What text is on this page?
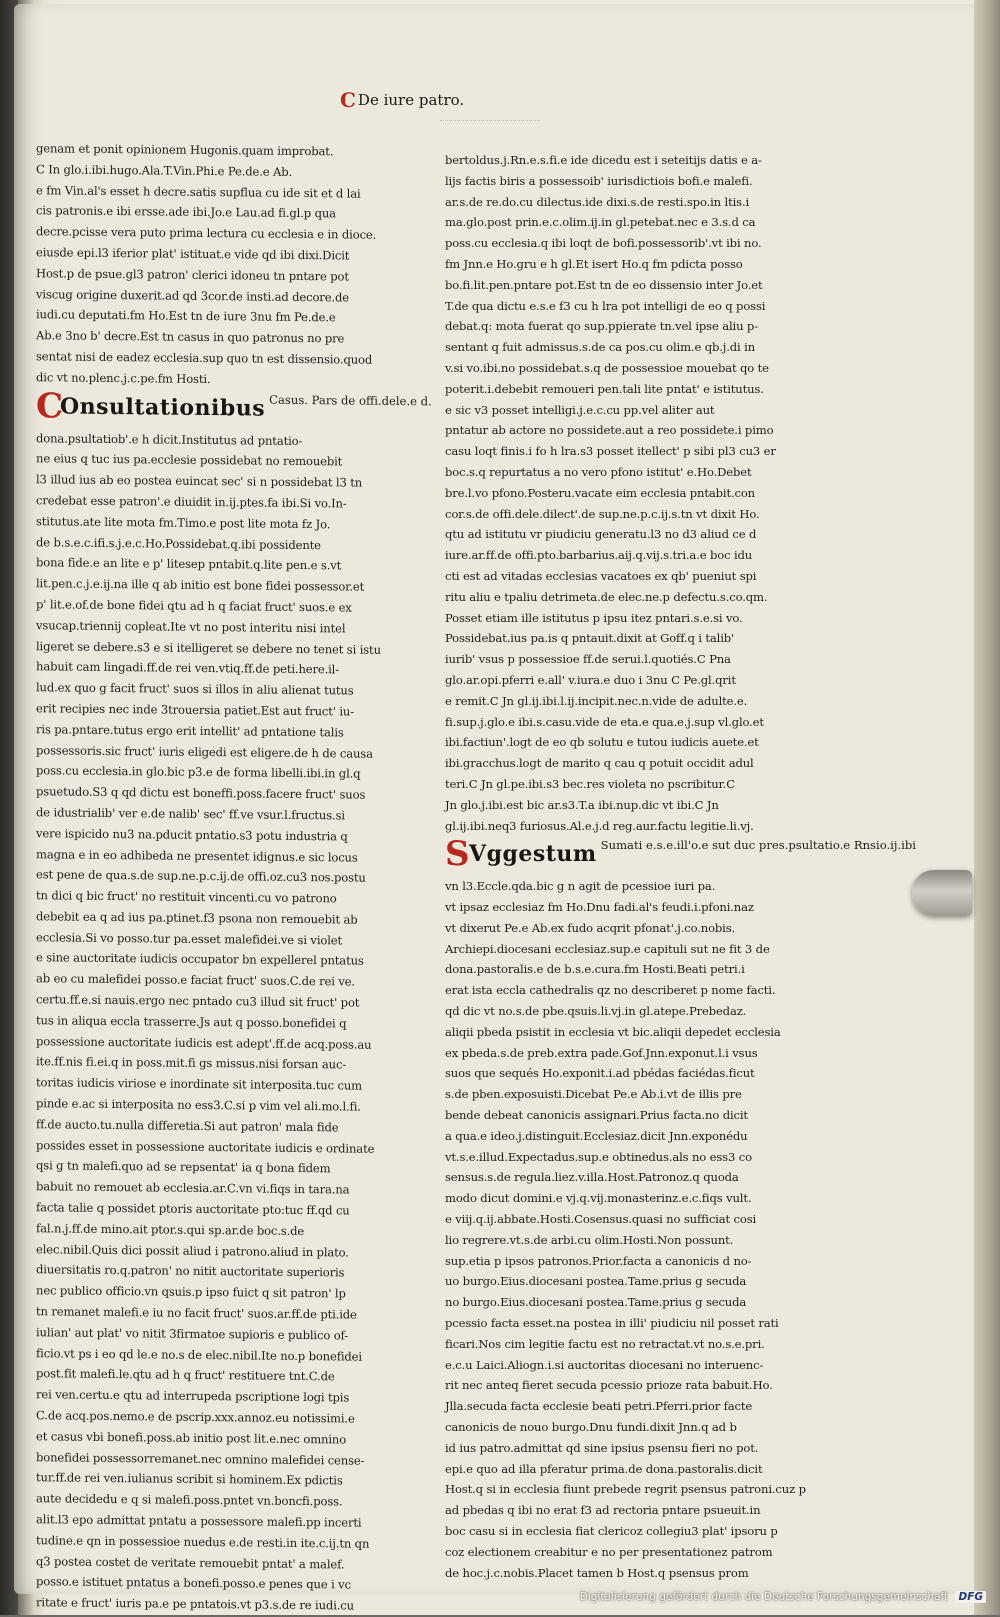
C De iure patro.
genam et ponit opinionem Hugonis.quam improbat.
C In glo.i.ibi.hugo.Ala.T.Vin.Phi.e Pe.de.e Ab.
e fm Vin.al's esset h decre.satis supflua cu ide sit et d lai
cis patronis.e ibi ersse.ade ibi.Jo.e Lau.ad fi.gl.p qua
decre.pcisse vera puto prima lectura cu ecclesia e in dioce.
eiusde epi.l3 iferior plat' istituat.e vide qd ibi dixi.Dicit
Host.p de psue.gl3 patron' clerici idoneu tn pntare pot
viscug origine duxerit.ad qd 3cor.de insti.ad decore.de
iudi.cu deputati.fm Ho.Est tn de iure 3nu fm Pe.de.e
Ab.e 3no b' decre.Est tn casus in quo patronus no pre
sentat nisi de eadez ecclesia.sup quo tn est dissensio.quod
dic vt no.plenc.j.c.pe.fm Hosti.
COnsultationibus Casus. Pars de offi.dele.e d.
dona.psultatiob'.e h dicit.Institutus ad pntatio-
ne eius q tuc ius pa.ecclesie possidebat no remouebit
l3 illud ius ab eo postea euincat sec' si n possidebat l3 tn
credebat esse patron'.e diuidit in.ij.ptes.fa ibi.Si vo.In-
stitutus.ate lite mota fm.Timo.e post lite mota fz Jo.
de b.s.e.c.ifi.s.j.e.c.Ho.Possidebat.q.ibi possidente
bona fide.e an lite e p' litesep pntabit.q.lite pen.e s.vt
lit.pen.c.j.e.ij.na ille q ab initio est bone fidei possessor.et
p' lit.e.of.de bone fidei qtu ad h q faciat fruct' suos.e ex
vsucap.triennij copleat.Ite vt no post interitu nisi intel
ligeret se debere.s3 e si itelligeret se debere no tenet si istu
habuit cam lingadi.ff.de rei ven.vtiq.ff.de peti.here.il-
lud.ex quo g facit fruct' suos si illos in aliu alienat tutus
erit recipies nec inde 3trouersia patiet.Est aut fruct' iu-
ris pa.pntare.tutus ergo erit intellit' ad pntatione talis
possessoris.sic fruct' iuris eligedi est eligere.de h de causa
poss.cu ecclesia.in glo.bic p3.e de forma libelli.ibi.in gl.q
psuetudo.S3 q qd dictu est boneffi.poss.facere fruct' suos
de idustrialib' ver e.de nalib' sec' ff.ve vsur.l.fructus.si
vere ispicido nu3 na.pducit pntatio.s3 potu industria q
magna e in eo adhibeda ne presentet idignus.e sic locus
est pene de qua.s.de sup.ne.p.c.ij.de offi.oz.cu3 nos.postu
tn dici q bic fruct' no restituit vincenti.cu vo patrono
debebit ea q ad ius pa.ptinet.f3 psona non remouebit ab
ecclesia.Si vo posso.tur pa.esset malefidei.ve si violet
e sine auctoritate iudicis occupator bn expellerel pntatus
ab eo cu malefidei posso.e faciat fruct' suos.C.de rei ve.
certu.ff.e.si nauis.ergo nec pntado cu3 illud sit fruct' pot
tus in aliqua eccla trasserre.Js aut q posso.bonefidei q
possessione auctoritate iudicis est adept'.ff.de acq.poss.au
ite.ff.nis fi.ei.q in poss.mit.fi gs missus.nisi forsan auc-
toritas iudicis viriose e inordinate sit interposita.tuc cum
pinde e.ac si interposita no ess3.C.si p vim vel ali.mo.l.fi.
ff.de aucto.tu.nulla differetia.Si aut patron' mala fide
possides esset in possessione auctoritate iudicis e ordinate
qsi g tn malefi.quo ad se repsentat' ia q bona fidem
babuit no remouet ab ecclesia.ar.C.vn vi.fiqs in tara.na
facta talie q possidet ptoris auctoritate pto:tuc ff.qd cu
fal.n.j.ff.de mino.ait ptor.s.qui sp.ar.de boc.s.de
elec.nibil.Quis dici possit aliud i patrono.aliud in plato.
diuersitatis ro.q.patron' no nitit auctoritate superioris
nec publico officio.vn qsuis.p ipso fuict q sit patron' lp
tn remanet malefi.e iu no facit fruct' suos.ar.ff.de pti.ide
iulian' aut plat' vo nitit 3firmatoe supioris e publico of-
ficio.vt ps i eo qd le.e no.s de elec.nibil.Ite no.p bonefidei
post.fit malefi.le.qtu ad h q fruct' restituere tnt.C.de
rei ven.certu.e qtu ad interrupeda pscriptione logi tpis
C.de acq.pos.nemo.e de pscrip.xxx.annoz.eu notissimi.e
et casus vbi bonefi.poss.ab initio post lit.e.nec omnino
bonefidei possessorremanet.nec omnino malefidei cense-
tur.ff.de rei ven.iulianus scribit si hominem.Ex pdictis
aute decidedu e q si malefi.poss.pntet vn.boncfi.poss.
alit.l3 epo admittat pntatu a possessore malefi.pp incerti
tudine.e qn in possessioe nuedus e.de resti.in ite.c.ij.tn qn
q3 postea costet de veritate remouebit pntat' a malef.
posso.e istituet pntatus a bonefi.posso.e penes que i vc
ritate e fruct' iuris pa.e pe pntatois.vt p3.s.de re iudi.cu
bertoldus.j.Rn.e.s.fi.e ide dicedu est i seteitijs datis e a-
lijs factis biris a possessoib' iurisdictiois bofi.e malefi.
ar.s.de re.do.cu dilectus.ide dixi.s.de resti.spo.in ltis.i
ma.glo.post prin.e.c.olim.ij.in gl.petebat.nec e 3.s.d ca
poss.cu ecclesia.q ibi loqt de bofi.possessorib'.vt ibi no.
fm Jnn.e Ho.gru e h gl.Et isert Ho.q fm pdicta posso
bo.fi.lit.pen.pntare pot.Est tn de eo dissensio inter Jo.et
T.de qua dictu e.s.e f3 cu h lra pot intelligi de eo q possi
debat.q: mota fuerat qo sup.ppierate tn.vel ipse aliu p-
sentant q fuit admissus.s.de ca pos.cu olim.e qb.j.di in
v.si vo.ibi.no possidebat.s.q de possessioe mouebat qo te
poterit.i.debebit remoueri pen.tali lite pntat' e istitutus.
e sic v3 posset intelligi.j.e.c.cu pp.vel aliter aut
pntatur ab actore no possidete.aut a reo possidete.i pimo
casu loqt finis.i fo h lra.s3 posset itellect' p sibi pl3 cu3 er
boc.s.q repurtatus a no vero pfono istitut' e.Ho.Debet
bre.l.vo pfono.Posteru.vacate eim ecclesia pntabit.con
cor.s.de offi.dele.dilect'.de sup.ne.p.c.ij.s.tn vt dixit Ho.
qtu ad istitutu vr piudiciu generatu.l3 no d3 aliud ce d
iure.ar.ff.de offi.pto.barbarius.aij.q.vij.s.tri.a.e boc idu
cti est ad vitadas ecclesias vacatoes ex qb' pueniut spi
ritu aliu e tpaliu detrimeta.de elec.ne.p defectu.s.co.qm.
Posset etiam ille istitutus p ipsu itez pntari.s.e.si vo.
Possidebat.ius pa.is q pntauit.dixit at Goff.q i talib'
iurib' vsus p possessioe ff.de serui.l.quotiés.C Pna
glo.ar.opi.pferri e.all' v.iura.e duo i 3nu C Pe.gl.qrit
e remit.C Jn gl.ij.ibi.l.ij.incipit.nec.n.vide de adulte.e.
fi.sup.j.glo.e ibi.s.casu.vide de eta.e qua.e.j.sup vl.glo.et
ibi.factiun'.logt de eo qb solutu e tutou iudicis auete.et
ibi.gracchus.logt de marito q cau q potuit occidit adul
teri.C Jn gl.pe.ibi.s3 bec.res violeta no pscribitur.C
Jn glo.j.ibi.est bic ar.s3.T.a ibi.nup.dic vt ibi.C Jn
gl.ij.ibi.neq3 furiosus.Al.e.j.d reg.aur.factu legitie.li.vj.
SVggestum Sumati e.s.e.ill'o.e sut duc pres.psultatio.e Rnsio.ij.ibi
vn l3.Eccle.qda.bic g n agit de pcessioe iuri pa.
vt ipsaz ecclesiaz fm Ho.Dnu fadi.al's feudi.i.pfoni.naz
vt dixerut Pe.e Ab.ex fudo acqrit pfonat'.j.co.nobis.
Archiepi.diocesani ecclesiaz.sup.e capituli sut ne fit 3 de
dona.pastoralis.e de b.s.e.cura.fm Hosti.Beati petri.i
erat ista eccla cathedralis qz no describeret p nome facti.
qd dic vt no.s.de pbe.qsuis.li.vj.in gl.atepe.Prebedaz.
aliqii pbeda psistit in ecclesia vt bic.aliqii depedet ecclesia
ex pbeda.s.de preb.extra pade.Gof.Jnn.exponut.l.i vsus
suos que sequés Ho.exponit.i.ad pbédas faciédas.ficut
s.de pben.exposuisti.Dicebat Pe.e Ab.i.vt de illis pre
bende debeat canonicis assignari.Prius facta.no dicit
a qua.e ideo.j.distinguit.Ecclesiaz.dicit Jnn.exponédu
vt.s.e.illud.Expectadus.sup.e obtinedus.als no ess3 co
sensus.s.de regula.liez.v.illa.Host.Patronoz.q quoda
modo dicut domini.e vj.q.vij.monasterinz.e.c.fiqs vult.
e viij.q.ij.abbate.Hosti.Cosensus.quasi no sufficiat cosi
lio regrere.vt.s.de arbi.cu olim.Hosti.Non possunt.
sup.etia p ipsos patronos.Prior.facta a canonicis d no-
uo burgo.Eius.diocesani postea.Tame.prius g secuda
no burgo.Eius.diocesani postea.Tame.prius g secuda
pcessio facta esset.na postea in illi' piudiciu nil posset rati
ficari.Nos cim legitie factu est no retractat.vt no.s.e.pri.
e.c.u Laici.Aliogn.i.si auctoritas diocesani no interuenc-
rit nec anteq fieret secuda pcessio prioze rata babuit.Ho.
Jlla.secuda facta ecclesie beati petri.Pferri.prior facte
canonicis de nouo burgo.Dnu fundi.dixit Jnn.q ad b
id ius patro.admittat qd sine ipsius psensu fieri no pot.
epi.e quo ad illa pferatur prima.de dona.pastoralis.dicit
Host.q si in ecclesia fiunt prebede regrit psensus patroni.cuz p
ad pbedas q ibi no erat f3 ad rectoria pntare psueuit.in
boc casu si in ecclesia fiat clericoz collegiu3 plat' ipsoru p
coz electionem creabitur e no per presentationez patrom
de hoc.j.c.nobis.Placet tamen b Host.q psensus prom
Digitalisierung gefördert durch die Deutsche Forschungsgemeinschaft DFG
